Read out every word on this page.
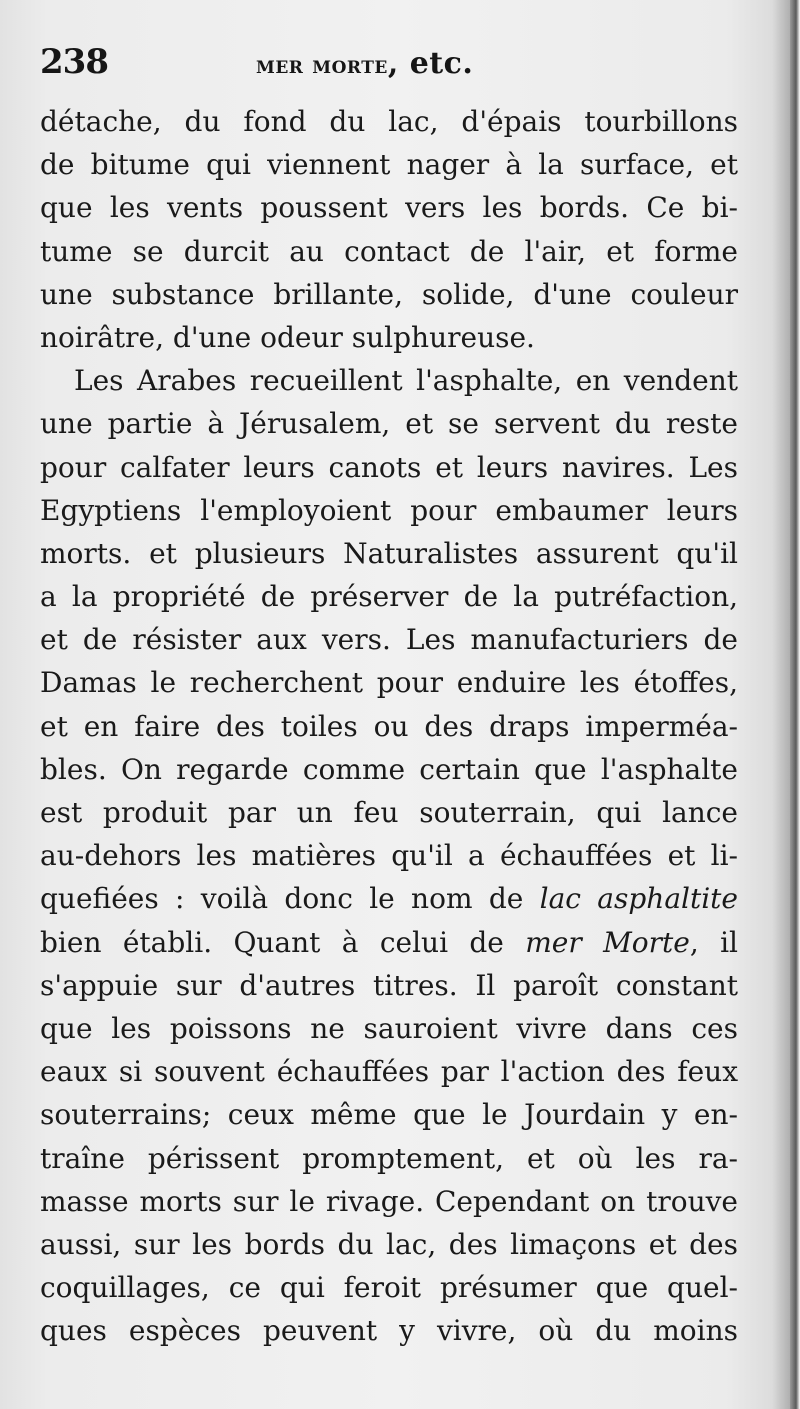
238	mer morte, etc.
détache, du fond du lac, d'épais tourbillons
de bitume qui viennent nager à la surface, et
que les vents poussent vers les bords. Ce bi-
tume se durcit au contact de l'air, et forme
une substance brillante, solide, d'une couleur
noirâtre, d'une odeur sulphureuse.
Les Arabes recueillent l'asphalte, en vendent
une partie à Jérusalem, et se servent du reste
pour calfater leurs canots et leurs navires. Les
Egyptiens l'employoient pour embaumer leurs
morts. et plusieurs Naturalistes assurent qu'il
a la propriété de préserver de la putréfaction,
et de résister aux vers. Les manufacturiers de
Damas le recherchent pour enduire les étoffes,
et en faire des toiles ou des draps imperméa-
bles. On regarde comme certain que l'asphalte
est produit par un feu souterrain, qui lance
au-dehors les matières qu'il a échauffées et li-
quefiées : voilà donc le nom de lac asphaltite
bien établi. Quant à celui de mer Morte, il
s'appuie sur d'autres titres. Il paroît constant
que les poissons ne sauroient vivre dans ces
eaux si souvent échauffées par l'action des feux
souterrains; ceux même que le Jourdain y en-
traîne périssent promptement, et où les ra-
masse morts sur le rivage. Cependant on trouve
aussi, sur les bords du lac, des limaçons et des
coquillages, ce qui feroit présumer que quel-
ques espèces peuvent y vivre, où du moins
